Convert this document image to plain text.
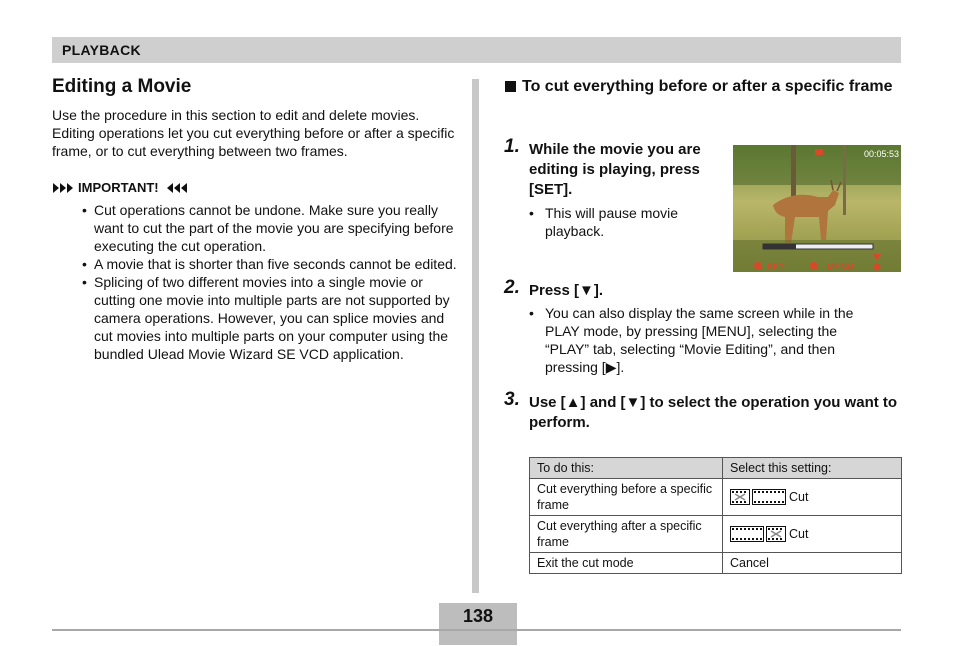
PLAYBACK
Editing a Movie

Use the procedure in this section to edit and delete movies. Editing operations let you cut everything before or after a specific frame, or to cut everything between two frames.

IMPORTANT!
• Cut operations cannot be undone. Make sure you really want to cut the part of the movie you are specifying before executing the cut operation.
• A movie that is shorter than five seconds cannot be edited.
• Splicing of two different movies into a single movie or cutting one movie into multiple parts are not supported by camera operations. However, you can splice movies and cut movies into multiple parts on your computer using the bundled Ulead Movie Wizard SE VCD application.
To cut everything before or after a specific frame
1. While the movie you are editing is playing, press [SET].
• This will pause movie playback.
2. Press [▼].
• You can also display the same screen while in the PLAY mode, by pressing [MENU], selecting the “PLAY” tab, selecting “Movie Editing”, and then pressing [▶].
3. Use [▲] and [▼] to select the operation you want to perform.
SET	MENU
00:05:53
To do this:	Select this setting:
Cut everything before a specific frame	Cut
Cut everything after a specific frame	Cut
Exit the cut mode	Cancel
138
